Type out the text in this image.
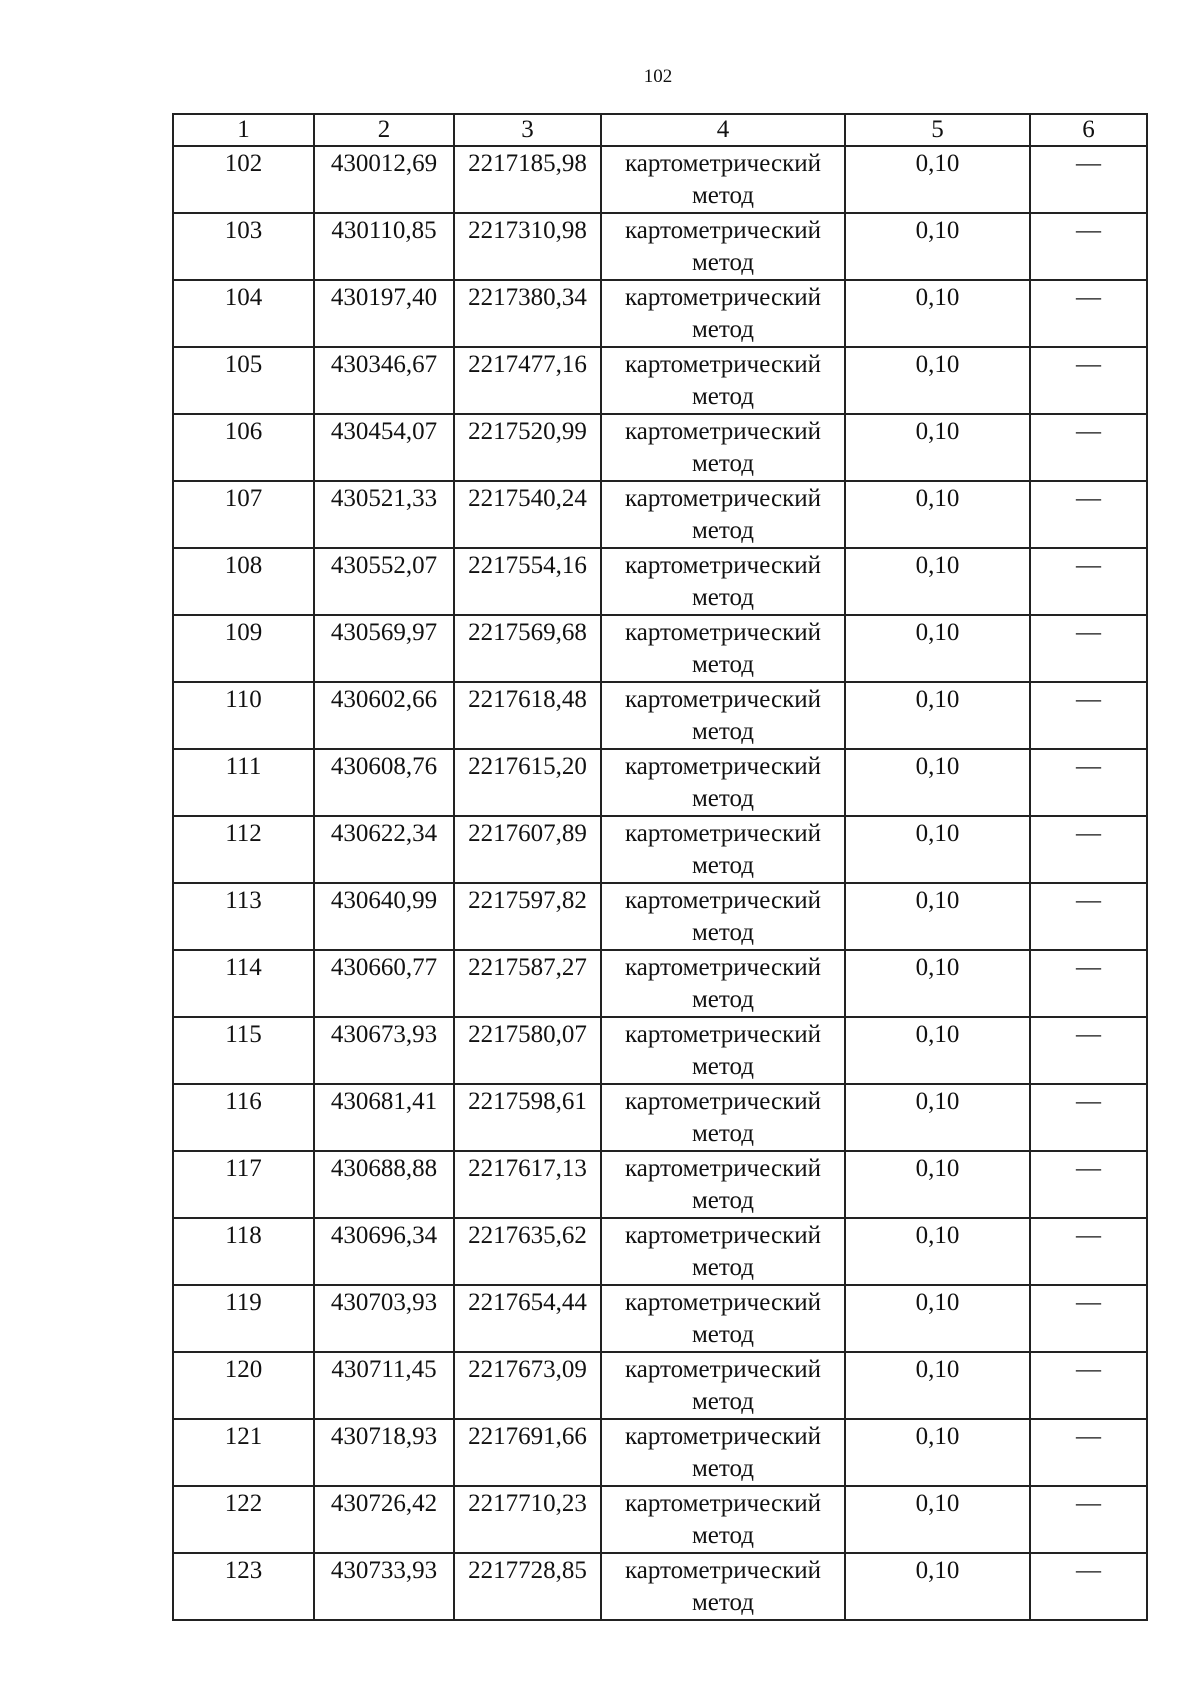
102
1	2	3	4	5	6
102	430012,69	2217185,98	картометрический метод	0,10	—
103	430110,85	2217310,98	картометрический метод	0,10	—
104	430197,40	2217380,34	картометрический метод	0,10	—
105	430346,67	2217477,16	картометрический метод	0,10	—
106	430454,07	2217520,99	картометрический метод	0,10	—
107	430521,33	2217540,24	картометрический метод	0,10	—
108	430552,07	2217554,16	картометрический метод	0,10	—
109	430569,97	2217569,68	картометрический метод	0,10	—
110	430602,66	2217618,48	картометрический метод	0,10	—
111	430608,76	2217615,20	картометрический метод	0,10	—
112	430622,34	2217607,89	картометрический метод	0,10	—
113	430640,99	2217597,82	картометрический метод	0,10	—
114	430660,77	2217587,27	картометрический метод	0,10	—
115	430673,93	2217580,07	картометрический метод	0,10	—
116	430681,41	2217598,61	картометрический метод	0,10	—
117	430688,88	2217617,13	картометрический метод	0,10	—
118	430696,34	2217635,62	картометрический метод	0,10	—
119	430703,93	2217654,44	картометрический метод	0,10	—
120	430711,45	2217673,09	картометрический метод	0,10	—
121	430718,93	2217691,66	картометрический метод	0,10	—
122	430726,42	2217710,23	картометрический метод	0,10	—
123	430733,93	2217728,85	картометрический метод	0,10	—
